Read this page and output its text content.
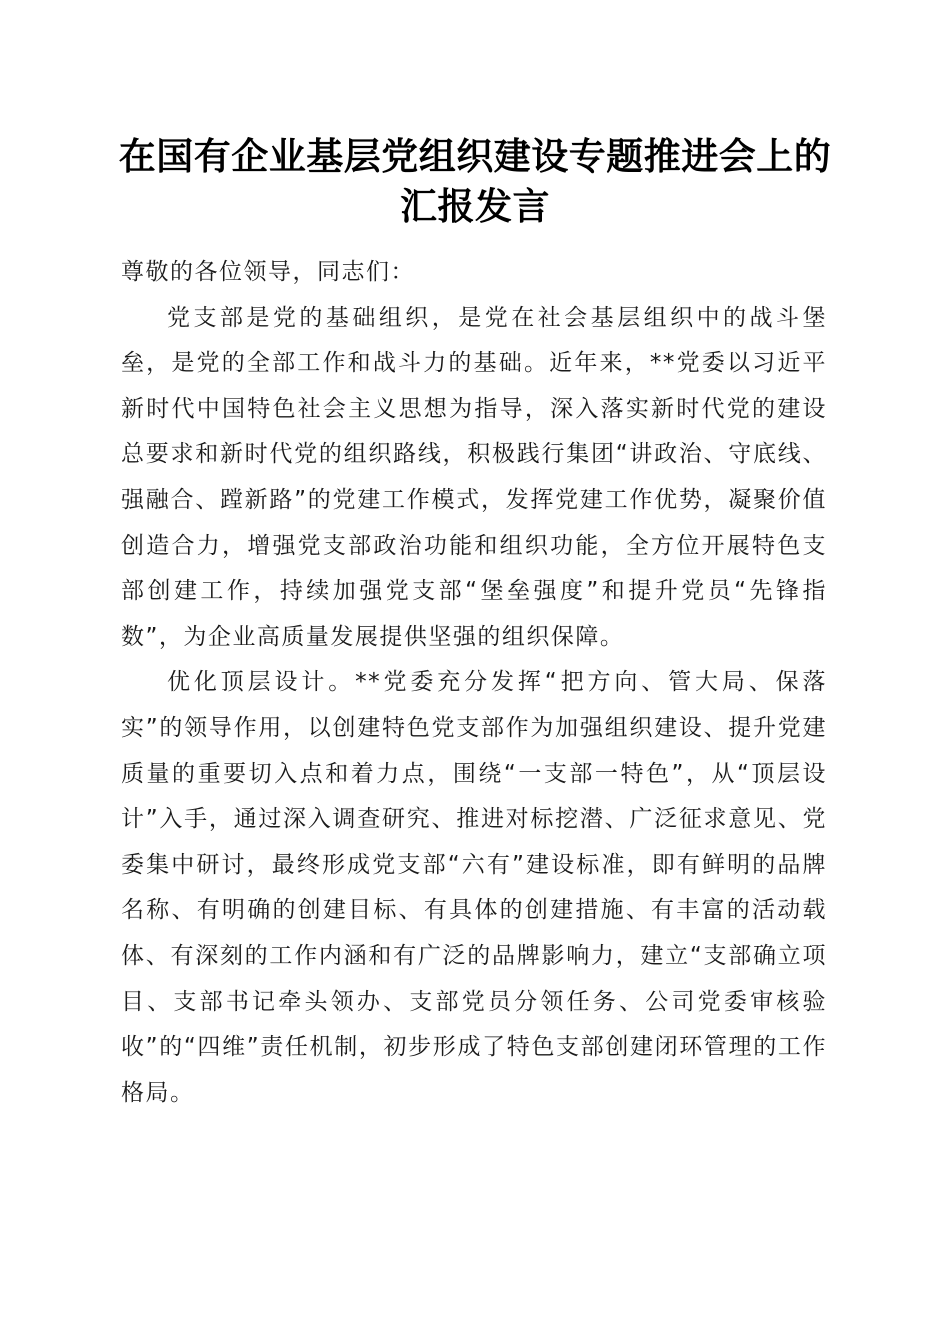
在国有企业基层党组织建设专题推进会上的汇报发言

尊敬的各位领导，同志们：

党支部是党的基础组织，是党在社会基层组织中的战斗堡垒，是党的全部工作和战斗力的基础。近年来，**党委以习近平新时代中国特色社会主义思想为指导，深入落实新时代党的建设总要求和新时代党的组织路线，积极践行集团“讲政治、守底线、强融合、蹚新路”的党建工作模式，发挥党建工作优势，凝聚价值创造合力，增强党支部政治功能和组织功能，全方位开展特色支部创建工作，持续加强党支部“堡垒强度”和提升党员“先锋指数”，为企业高质量发展提供坚强的组织保障。

优化顶层设计。**党委充分发挥“把方向、管大局、保落实”的领导作用，以创建特色党支部作为加强组织建设、提升党建质量的重要切入点和着力点，围绕“一支部一特色”，从“顶层设计”入手，通过深入调查研究、推进对标挖潜、广泛征求意见、党委集中研讨，最终形成党支部“六有”建设标准，即有鲜明的品牌名称、有明确的创建目标、有具体的创建措施、有丰富的活动载体、有深刻的工作内涵和有广泛的品牌影响力，建立“支部确立项目、支部书记牵头领办、支部党员分领任务、公司党委审核验收”的“四维”责任机制，初步形成了特色支部创建闭环管理的工作格局。
